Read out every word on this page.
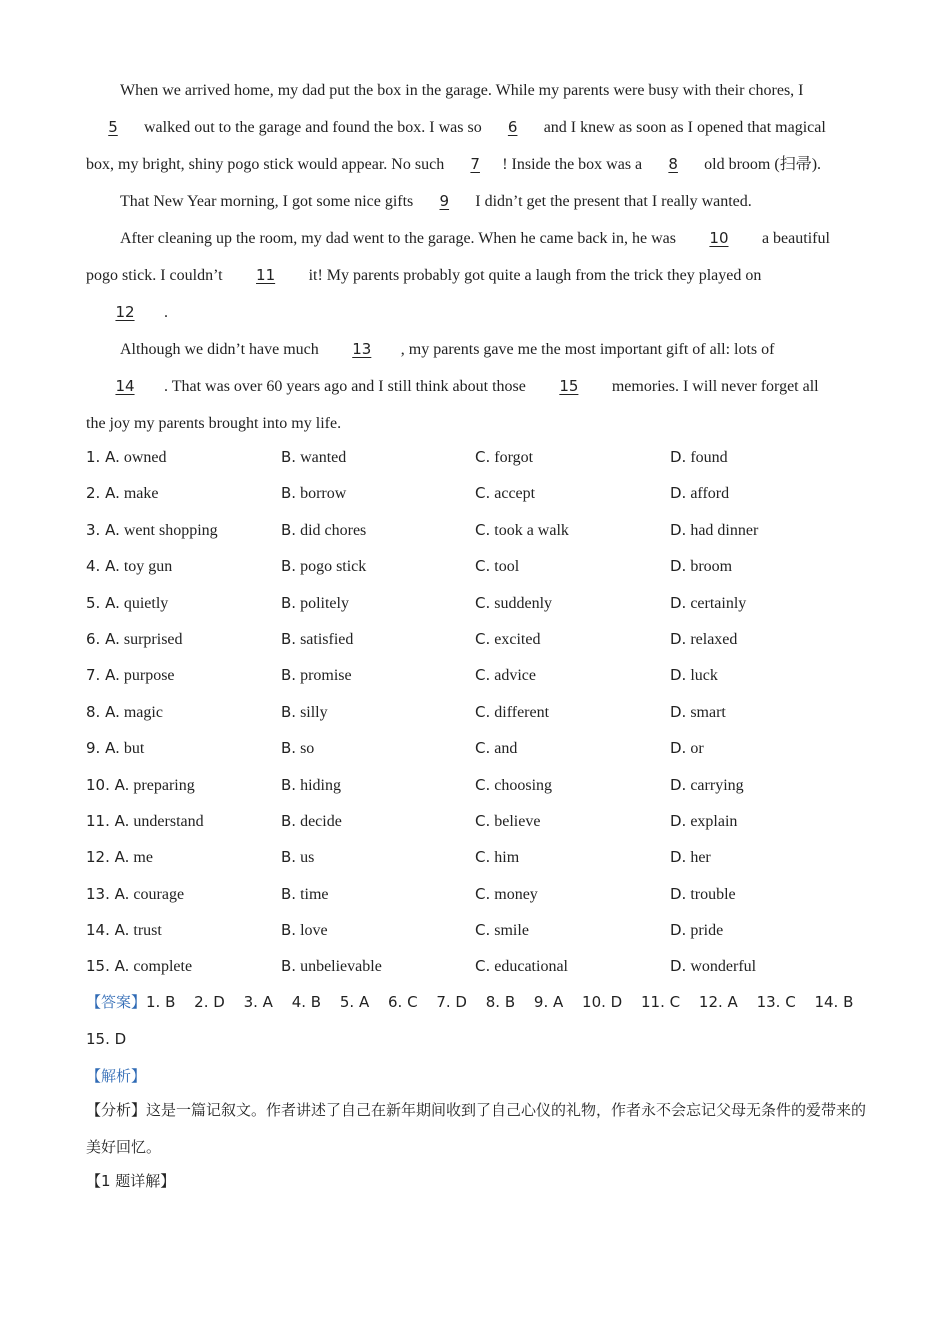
When we arrived home, my dad put the box in the garage. While my parents were busy with their chores, I

5 walked out to the garage and found the box. I was so 6 and I knew as soon as I opened that magical

box, my bright, shiny pogo stick would appear. No such 7 ! Inside the box was a 8 old broom (扫帚).

That New Year morning, I got some nice gifts 9 I didn’t get the present that I really wanted.

After cleaning up the room, my dad went to the garage. When he came back in, he was 10 a beautiful

pogo stick. I couldn’t 11 it! My parents probably got quite a laugh from the trick they played on

12 .

Although we didn’t have much 13 , my parents gave me the most important gift of all: lots of

14 . That was over 60 years ago and I still think about those 15 memories. I will never forget all

the joy my parents brought into my life.

1. A. owned	B. wanted	C. forgot	D. found
2. A. make	B. borrow	C. accept	D. afford
3. A. went shopping	B. did chores	C. took a walk	D. had dinner
4. A. toy gun	B. pogo stick	C. tool	D. broom
5. A. quietly	B. politely	C. suddenly	D. certainly
6. A. surprised	B. satisfied	C. excited	D. relaxed
7. A. purpose	B. promise	C. advice	D. luck
8. A. magic	B. silly	C. different	D. smart
9. A. but	B. so	C. and	D. or
10. A. preparing	B. hiding	C. choosing	D. carrying
11. A. understand	B. decide	C. believe	D. explain
12. A. me	B. us	C. him	D. her
13. A. courage	B. time	C. money	D. trouble
14. A. trust	B. love	C. smile	D. pride
15. A. complete	B. unbelievable	C. educational	D. wonderful
【答案】1. B 2. D 3. A 4. B 5. A 6. C 7. D 8. B 9. A 10. D 11. C 12. A 13. C 14. B 15. D
【解析】
【分析】这是一篇记叙文。作者讲述了自己在新年期间收到了自己心仪的礼物，作者永不会忘记父母无条件的爱带来的美好回忆。
【1 题详解】
